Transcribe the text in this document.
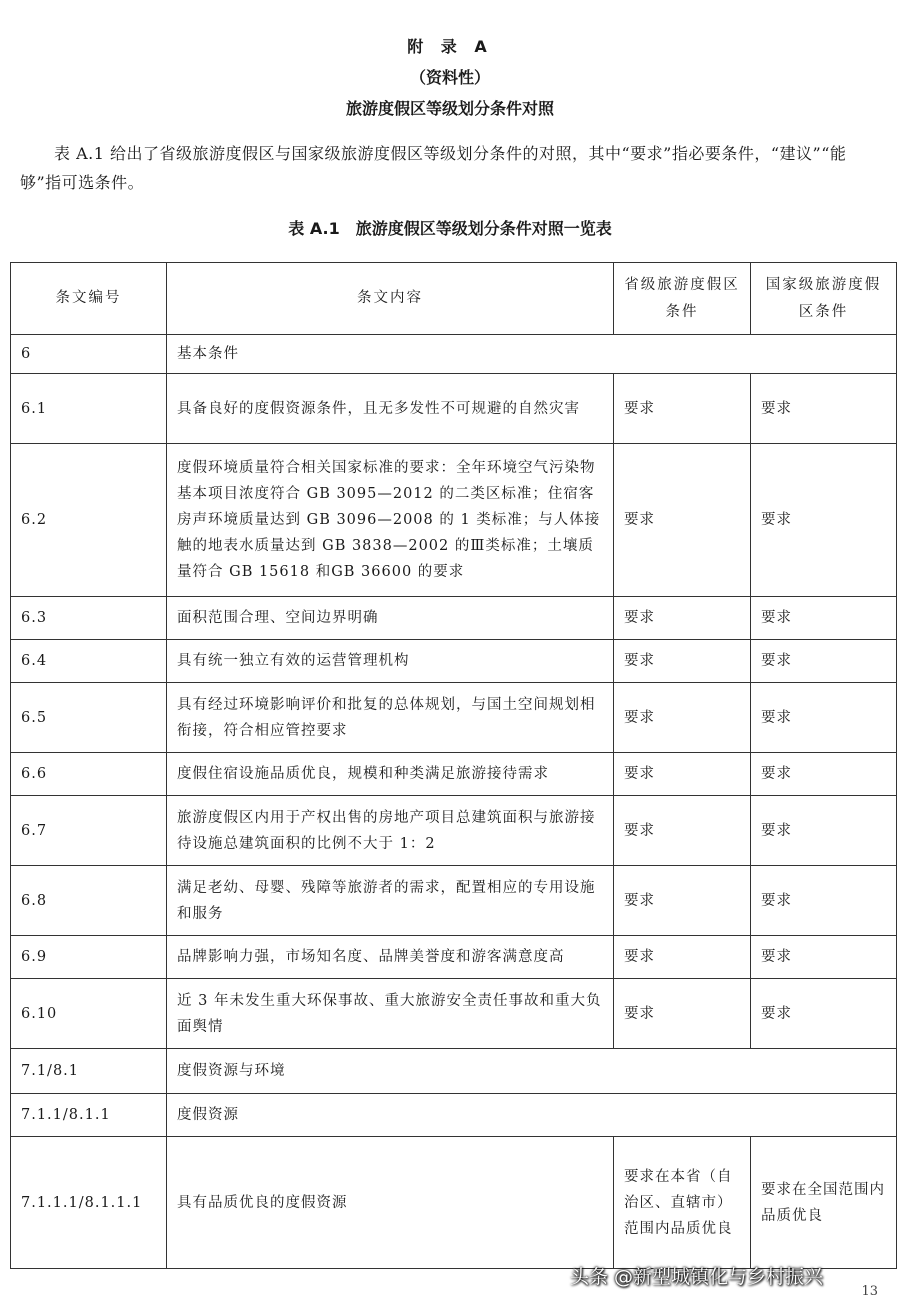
附 录 A
（资料性）
旅游度假区等级划分条件对照
表 A.1 给出了省级旅游度假区与国家级旅游度假区等级划分条件的对照，其中“要求”指必要条件，“建议”“能够”指可选条件。
表 A.1　旅游度假区等级划分条件对照一览表
条文编号	条文内容	省级旅游度假区条件	国家级旅游度假区条件
6	基本条件		
6.1	具备良好的度假资源条件，且无多发性不可规避的自然灾害	要求	要求
6.2	度假环境质量符合相关国家标准的要求：全年环境空气污染物基本项目浓度符合 GB 3095—2012 的二类区标准；住宿客房声环境质量达到 GB 3096—2008 的 1 类标准；与人体接触的地表水质量达到 GB 3838—2002 的Ⅲ类标准；土壤质量符合 GB 15618 和GB 36600 的要求	要求	要求
6.3	面积范围合理、空间边界明确	要求	要求
6.4	具有统一独立有效的运营管理机构	要求	要求
6.5	具有经过环境影响评价和批复的总体规划，与国土空间规划相衔接，符合相应管控要求	要求	要求
6.6	度假住宿设施品质优良，规模和种类满足旅游接待需求	要求	要求
6.7	旅游度假区内用于产权出售的房地产项目总建筑面积与旅游接待设施总建筑面积的比例不大于 1：2	要求	要求
6.8	满足老幼、母婴、残障等旅游者的需求，配置相应的专用设施和服务	要求	要求
6.9	品牌影响力强，市场知名度、品牌美誉度和游客满意度高	要求	要求
6.10	近 3 年未发生重大环保事故、重大旅游安全责任事故和重大负面舆情	要求	要求
7.1/8.1	度假资源与环境		
7.1.1/8.1.1	度假资源		
7.1.1.1/8.1.1.1	具有品质优良的度假资源	要求在本省（自治区、直辖市）范围内品质优良	要求在全国范围内品质优良
头条 @新型城镇化与乡村振兴
13
